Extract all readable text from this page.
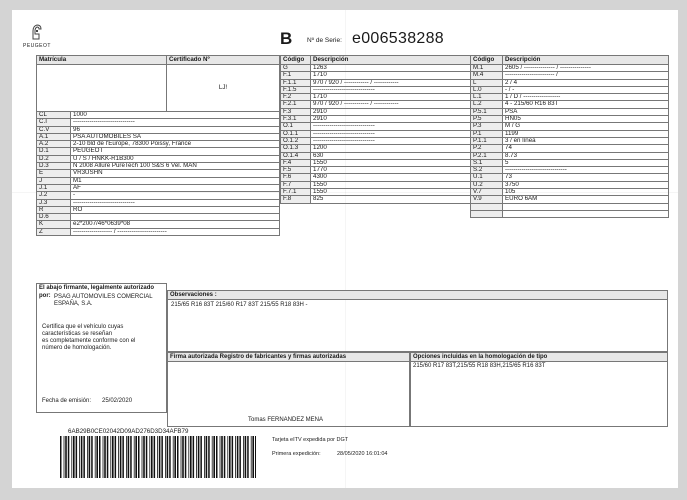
PEUGEOT	B Nº de Serie: e006538288
Matrícula		Certificado Nº
		LJ!

CL	1000	
C.I	------------------------------	
C.V	96	
A.1	PSA AUTOMOBILES SA	
A.2	2-10 bld de l'Europe, 78300 Poissy, France	
D.1	PEUGEOT	
D.2	U / S / HNKK-R1B300	
D.3	N 2008 Allure PureTech 100 S&S 6 Vel. MAN	
E	VR3USHN	
J	M1	
J.1	AF	
J.2	-	
J.3	------------------------------	
R	RO	
D.6		
K	e2*2007/46*0639*08	
Z	------------------- / ------------------------	
Código	Descripción
G	1263
F.1	1710
F.1.1	970 / 920 / ------------ / ------------
F.1.5	------------------------------
F.2	1710
F.2.1	970 / 920 / ------------ / ------------
F.3	2910
F.3.1	2910
O.1	------------------------------
O.1.1	------------------------------
O.1.2	------------------------------
O.1.3	1200
O.1.4	630
F.4	1550
F.5	1770
F.6	4300
F.7	1550
F.7.1	1550
F.8	825
Código	Descripción
M.1	2605 / --------------- / ---------------
M.4	------------------------ /
L	2 / 4
L.0	- / -
L.1	1 / D / ------------------
L.2	4 - 215/60 R16 83T
P.5.1	PSA
P.5	HN05
P.3	M / G
P.1	1199
P.1.1	3 / en línea
P.2	74
P.2.1	8.73
S.1	5
S.2	------------------------------
U.1	73
U.2	3750
V.7	105
V.9	EURO 6AM

El abajo firmante, legalmente autorizado
por: PSAG AUTOMOVILES COMERCIAL ESPAÑA, S.A.
Certifica que el vehículo cuyas
características se reseñan
es completamente conforme con el
número de homologación.
Fecha de emisión: 25/02/2020
Observaciones :
215/65 R16 83T 215/60 R17 83T 215/55 R18 83H -
Firma autorizada Registro de fabricantes y firmas autorizadas
Tomas FERNANDEZ MENA
Opciones incluidas en la homologación de tipo
215/60 R17 83T,215/55 R18 83H,215/65 R16 83T
6AB29B0CE02042D09AD276D3D34AFB79
Tarjeta eITV expedida por DGT
Primera expedición:	28/05/2020 16:01:04
